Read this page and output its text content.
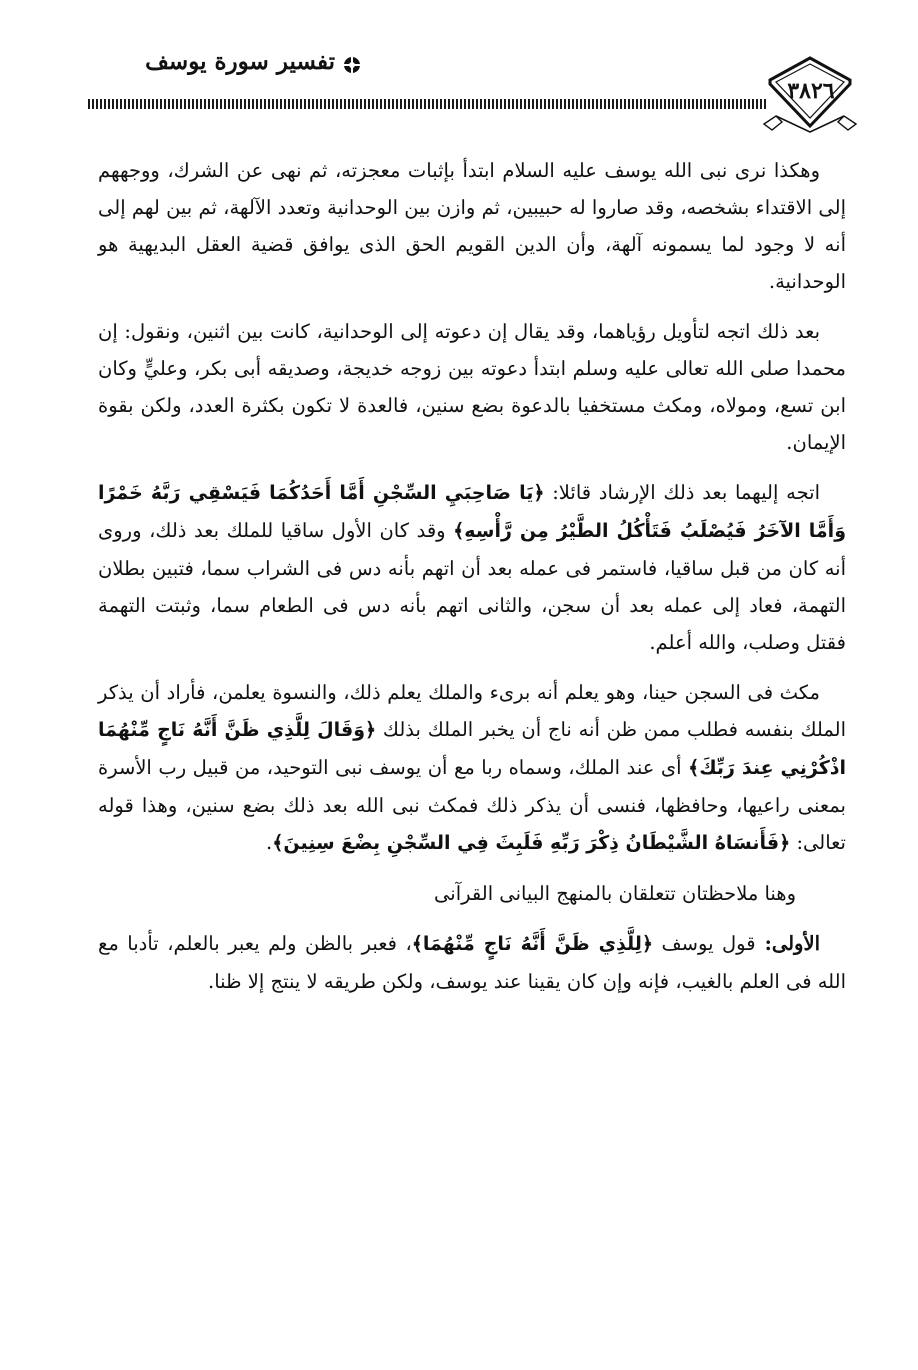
تفسير سورة يوسف
٣٨٢٦

وهكذا نرى نبى الله يوسف عليه السلام ابتدأ بإثبات معجزته، ثم نهى عن الشرك، ووجههم إلى الاقتداء بشخصه، وقد صاروا له حبيبين، ثم وازن بين الوحدانية وتعدد الآلهة، ثم بين لهم إلى أنه لا وجود لما يسمونه آلهة، وأن الدين القويم الحق الذى يوافق قضية العقل البديهية هو الوحدانية.

بعد ذلك اتجه لتأويل رؤياهما، وقد يقال إن دعوته إلى الوحدانية، كانت بين اثنين، ونقول: إن محمدا صلى الله تعالى عليه وسلم ابتدأ دعوته بين زوجه خديجة، وصديقه أبى بكر، وعليٍّ وكان ابن تسع، ومولاه، ومكث مستخفيا بالدعوة بضع سنين، فالعدة لا تكون بكثرة العدد، ولكن بقوة الإيمان.

اتجه إليهما بعد ذلك الإرشاد قائلا: ﴿يَا صَاحِبَيِ السِّجْنِ أَمَّا أَحَدُكُمَا فَيَسْقِي رَبَّهُ خَمْرًا وَأَمَّا الآخَرُ فَيُصْلَبُ فَتَأْكُلُ الطَّيْرُ مِن رَّأْسِهِ﴾ وقد كان الأول ساقيا للملك بعد ذلك، وروى أنه كان من قبل ساقيا، فاستمر فى عمله بعد أن اتهم بأنه دس فى الشراب سما، فتبين بطلان التهمة، فعاد إلى عمله بعد أن سجن، والثانى اتهم بأنه دس فى الطعام سما، وثبتت التهمة فقتل وصلب، والله أعلم.

مكث فى السجن حينا، وهو يعلم أنه برىء والملك يعلم ذلك، والنسوة يعلمن، فأراد أن يذكر الملك بنفسه فطلب ممن ظن أنه ناج أن يخبر الملك بذلك ﴿وَقَالَ لِلَّذِي ظَنَّ أَنَّهُ نَاجٍ مِّنْهُمَا اذْكُرْنِي عِندَ رَبِّكَ﴾ أى عند الملك، وسماه ربا مع أن يوسف نبى التوحيد، من قبيل رب الأسرة بمعنى راعيها، وحافظها، فنسى أن يذكر ذلك فمكث نبى الله بعد ذلك بضع سنين، وهذا قوله تعالى: ﴿فَأَنسَاهُ الشَّيْطَانُ ذِكْرَ رَبِّهِ فَلَبِثَ فِي السِّجْنِ بِضْعَ سِنِينَ﴾.

وهنا ملاحظتان تتعلقان بالمنهج البيانى القرآنى

الأولى: قول يوسف ﴿لِلَّذِي ظَنَّ أَنَّهُ نَاجٍ مِّنْهُمَا﴾، فعبر بالظن ولم يعبر بالعلم، تأدبا مع الله فى العلم بالغيب، فإنه وإن كان يقينا عند يوسف، ولكن طريقه لا ينتج إلا ظنا.
